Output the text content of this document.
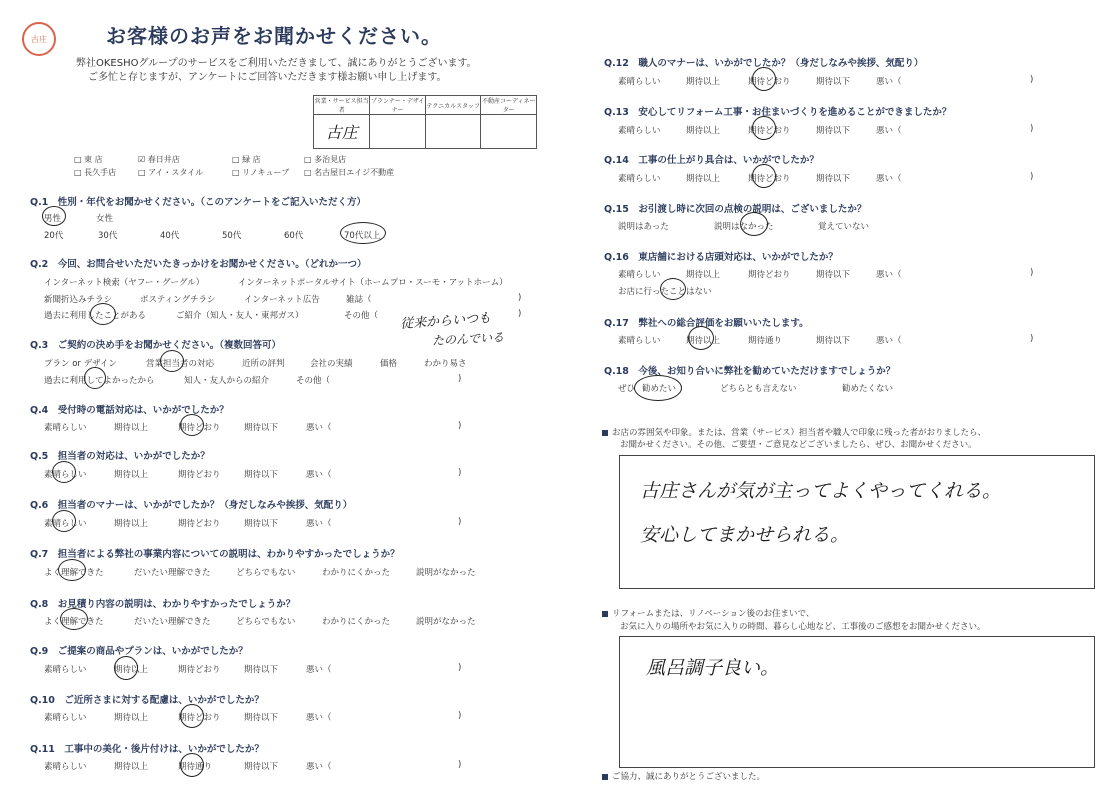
古庄	お客様のお声をお聞かせください。
弊社OKESHOグループのサービスをご利用いただきまして、誠にありがとうございます。
ご多忙と存じますが、アンケートにご回答いただきます様お願い申し上げます。
営業・サービス担当者	プランナー・デザイナー	テクニカルスタッフ	不動産コーディネーター
古庄			
□ 東 店	☑ 春日井店	□ 緑 店	□ 多治見店
□ 長久手店	□ アイ・スタイル	□ リノキューブ □ 名古屋日エイジ不動産
Q.1　性別・年代をお聞かせください。（このアンケートをご記入いただく方）
男性	女性
20代	30代	40代	50代	60代	70代以上
Q.2　今回、お問合せいただいたきっかけをお聞かせください。（どれか一つ）
インターネット検索（ヤフー・グーグル）	インターネットポータルサイト（ホームプロ・スーモ・アットホーム）
新聞折込みチラシ	ポスティングチラシ	インターネット広告	雑誌（	)
過去に利用したことがある	ご紹介（知人・友人・東邦ガス）	その他（	)
従来からいつも
たのんでいる
Q.3　ご契約の決め手をお聞かせください。（複数回答可）
プラン or デザイン	営業担当者の対応	近所の評判	会社の実績	価格	わかり易さ
過去に利用してよかったから	知人・友人からの紹介	その他（	)
Q.4　受付時の電話対応は、いかがでしたか？
素晴らしい	期待以上	期待どおり	期待以下	悪い（	)
Q.5　担当者の対応は、いかがでしたか？
素晴らしい	期待以上	期待どおり	期待以下	悪い（	)
Q.6　担当者のマナーは、いかがでしたか？（身だしなみや挨拶、気配り）
素晴らしい	期待以上	期待どおり	期待以下	悪い（	)
Q.7　担当者による弊社の事業内容についての説明は、わかりやすかったでしょうか？
よく理解できた	だいたい理解できた	どちらでもない	わかりにくかった	説明がなかった
Q.8　お見積り内容の説明は、わかりやすかったでしょうか？
よく理解できた	だいたい理解できた	どちらでもない	わかりにくかった	説明がなかった
Q.9　ご提案の商品やプランは、いかがでしたか？
素晴らしい	期待以上	期待どおり	期待以下	悪い（	)
Q.10　ご近所さまに対する配慮は、いかがでしたか？
素晴らしい	期待以上	期待どおり	期待以下	悪い（	)
Q.11　工事中の美化・後片付けは、いかがでしたか？
素晴らしい	期待以上	期待通り	期待以下	悪い（	)
Q.12　職人のマナーは、いかがでしたか？（身だしなみや挨拶、気配り）
素晴らしい	期待以上	期待どおり	期待以下	悪い（	)
Q.13　安心してリフォーム工事・お住まいづくりを進めることができましたか？
素晴らしい	期待以上	期待どおり	期待以下	悪い（	)
Q.14　工事の仕上がり具合は、いかがでしたか？
素晴らしい	期待以上	期待どおり	期待以下	悪い（	)
Q.15　お引渡し時に次回の点検の説明は、ございましたか？
説明はあった	説明はなかった	覚えていない
Q.16　東店舗における店頭対応は、いかがでしたか？
素晴らしい	期待以上	期待どおり	期待以下	悪い（	)
お店に行ったことはない
Q.17　弊社への総合評価をお願いいたします。
素晴らしい	期待以上	期待通り	期待以下	悪い（	)
Q.18　今後、お知り合いに弊社を勧めていただけますでしょうか？
ぜひ 勧めたい	どちらとも言えない	勧めたくない
お店の雰囲気や印象。または、営業（サービス）担当者や職人で印象に残った者がおりましたら、
お聞かせください。その他、ご要望・ご意見などございましたら、ぜひ、お聞かせください。
古庄さんが気が主ってよくやってくれる。
安心してまかせられる。
リフォームまたは、リノベーション後のお住まいで、
お気に入りの場所やお気に入りの時間、暮らし心地など、工事後のご感想をお聞かせください。
風呂調子良い。
ご協力、誠にありがとうございました。
